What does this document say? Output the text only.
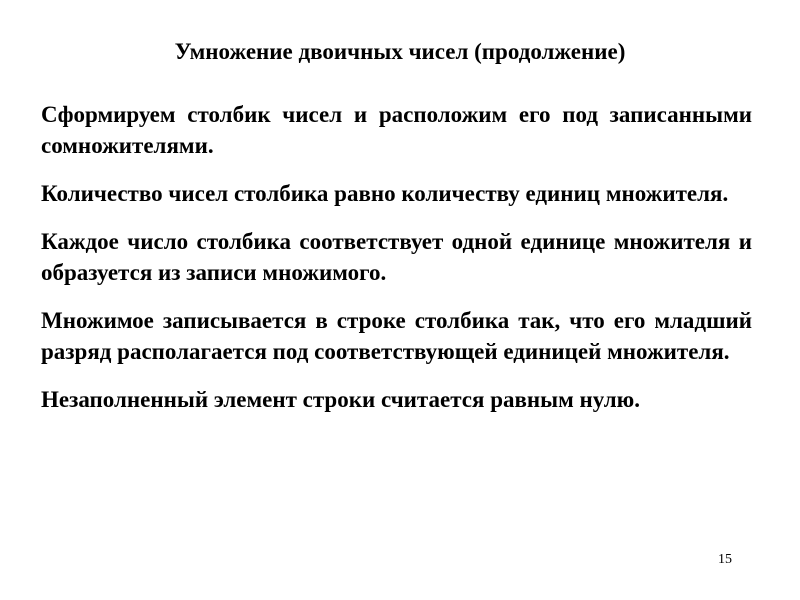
Умножение двоичных чисел (продолжение)

Сформируем столбик чисел и расположим его под записанными сомножителями.

Количество чисел столбика равно количеству единиц множителя.

Каждое число столбика соответствует одной единице множителя и образуется из записи множимого.

Множимое записывается в строке столбика так, что его младший разряд располагается под соответствующей единицей множителя.

Незаполненный элемент строки считается равным нулю.

15
